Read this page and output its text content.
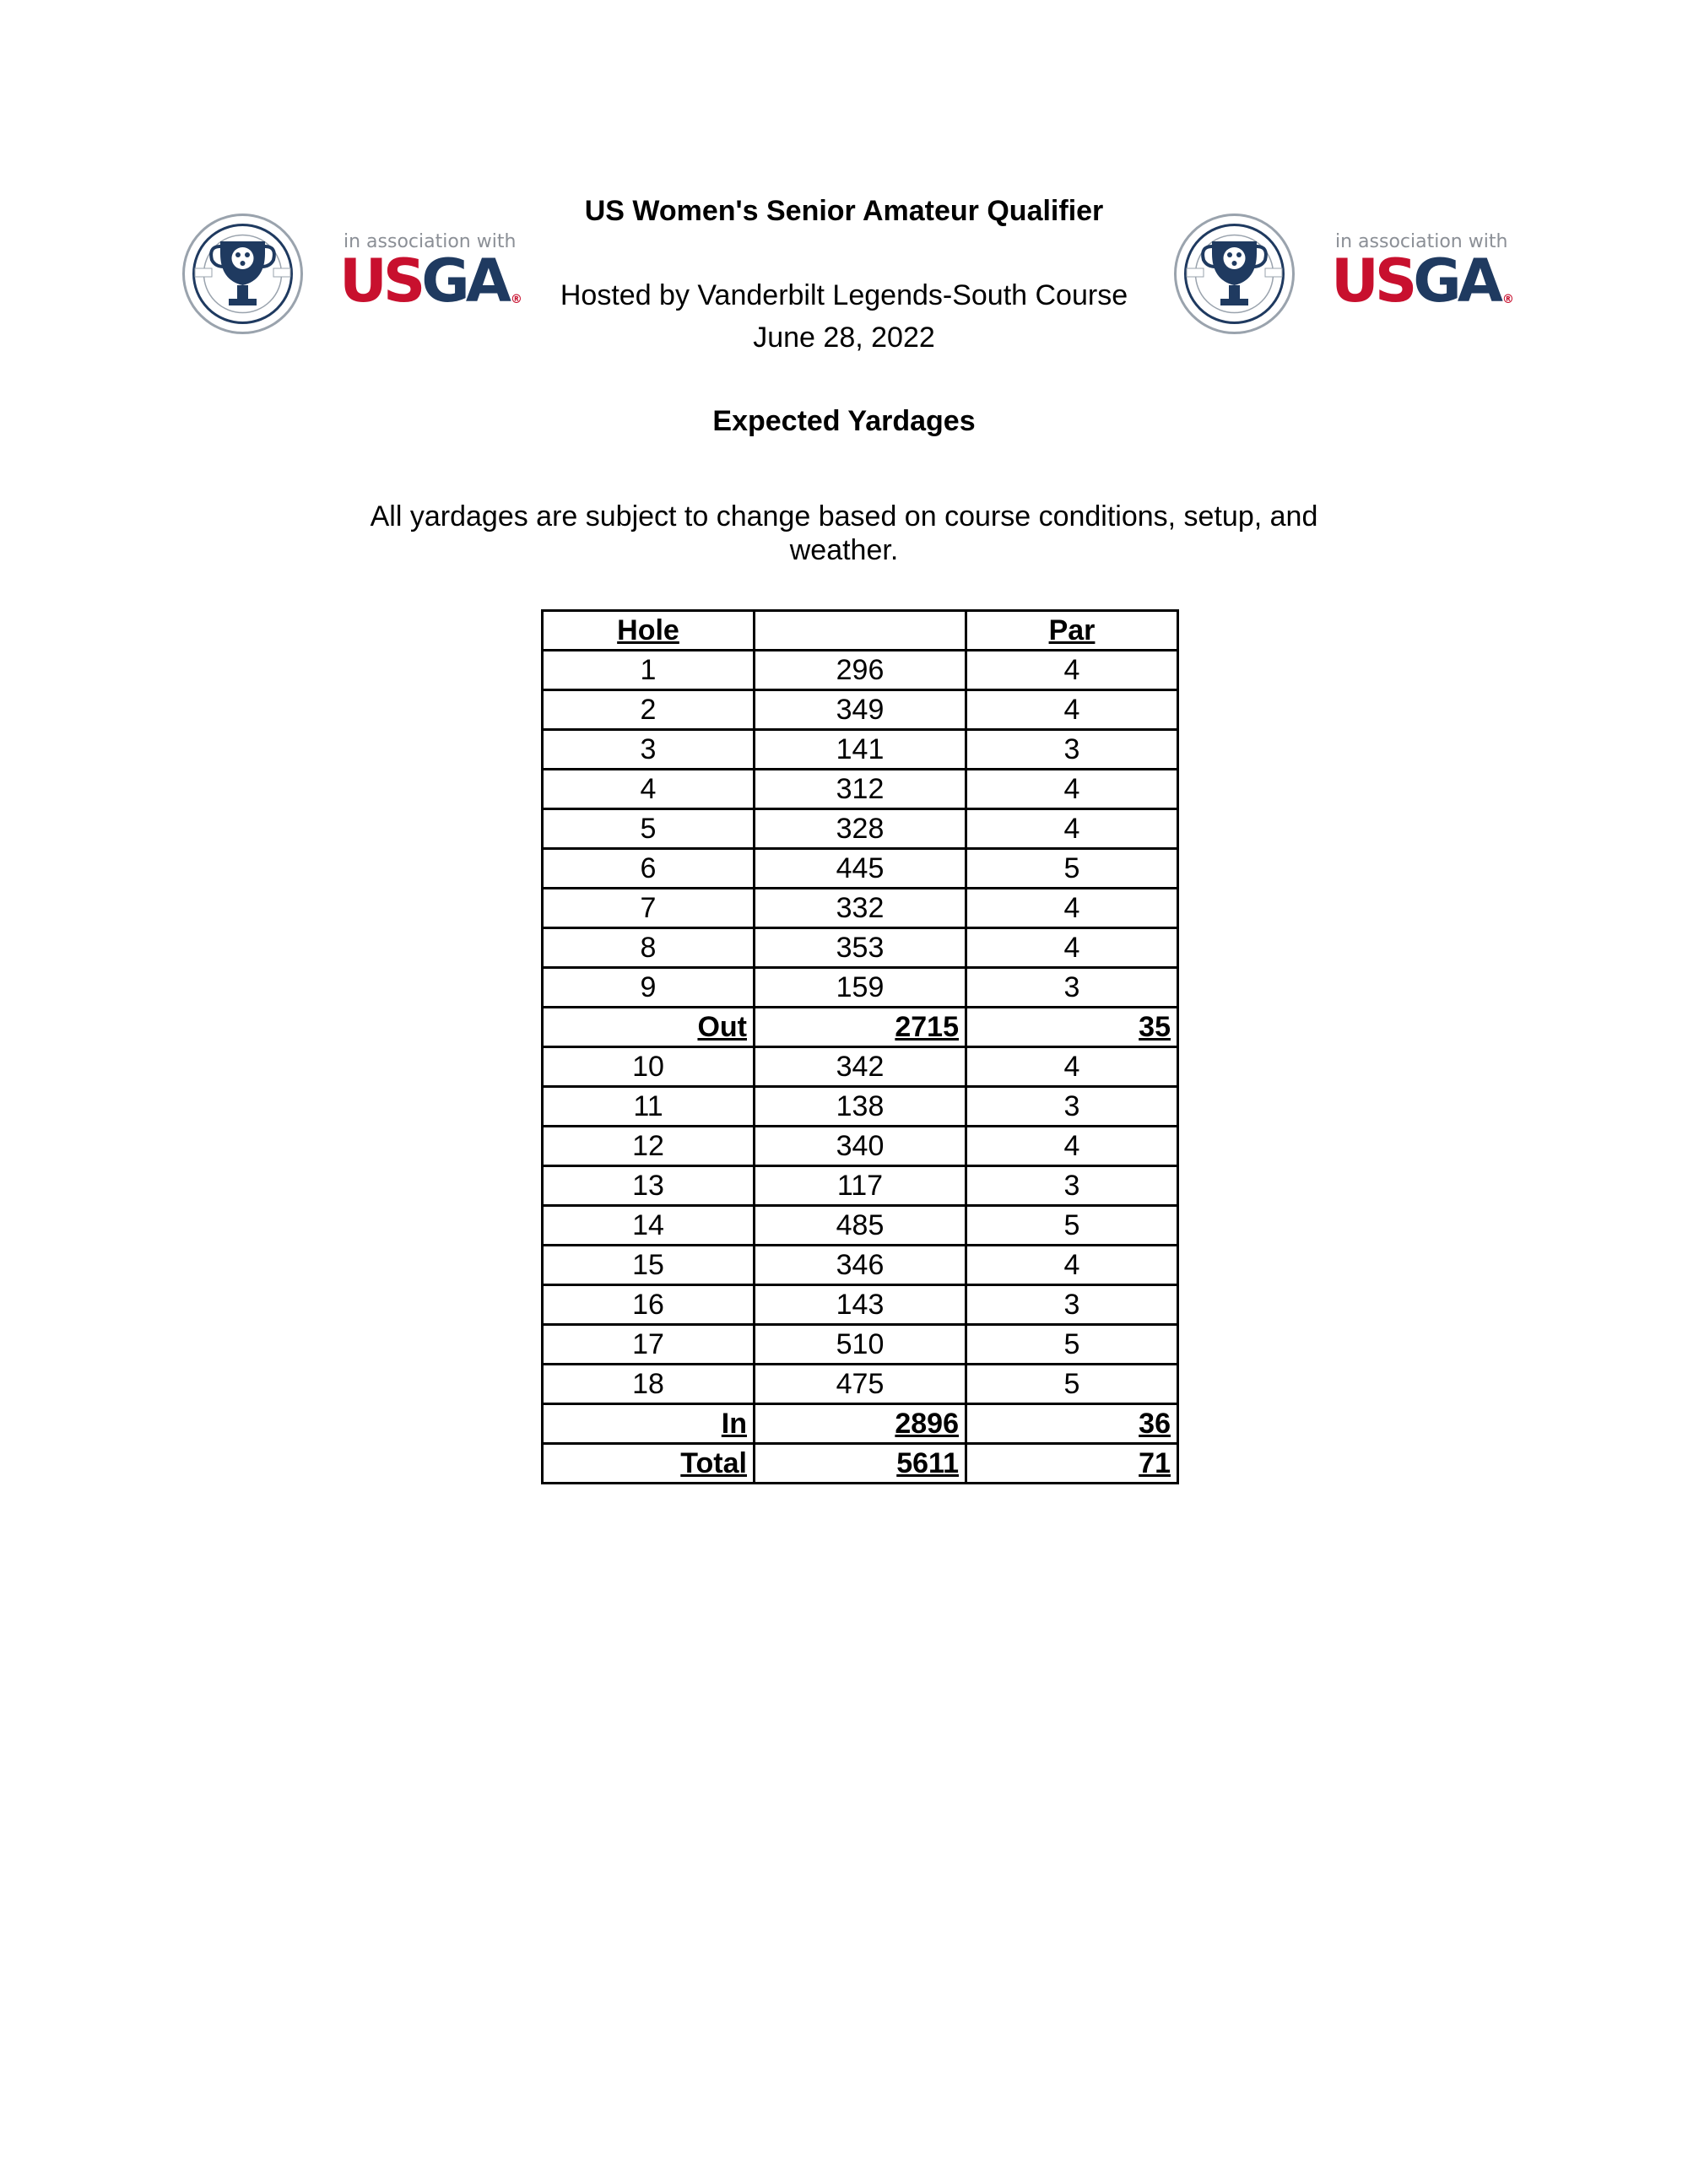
in association with
USGA ®
in association with
USGA ®
US Women's Senior Amateur Qualifier
Hosted by Vanderbilt Legends-South Course
June 28, 2022
Expected Yardages
All yardages are subject to change based on course conditions, setup, and weather.
Hole		Par
1	296	4
2	349	4
3	141	3
4	312	4
5	328	4
6	445	5
7	332	4
8	353	4
9	159	3
Out	2715	35
10	342	4
11	138	3
12	340	4
13	117	3
14	485	5
15	346	4
16	143	3
17	510	5
18	475	5
In	2896	36
Total	5611	71
